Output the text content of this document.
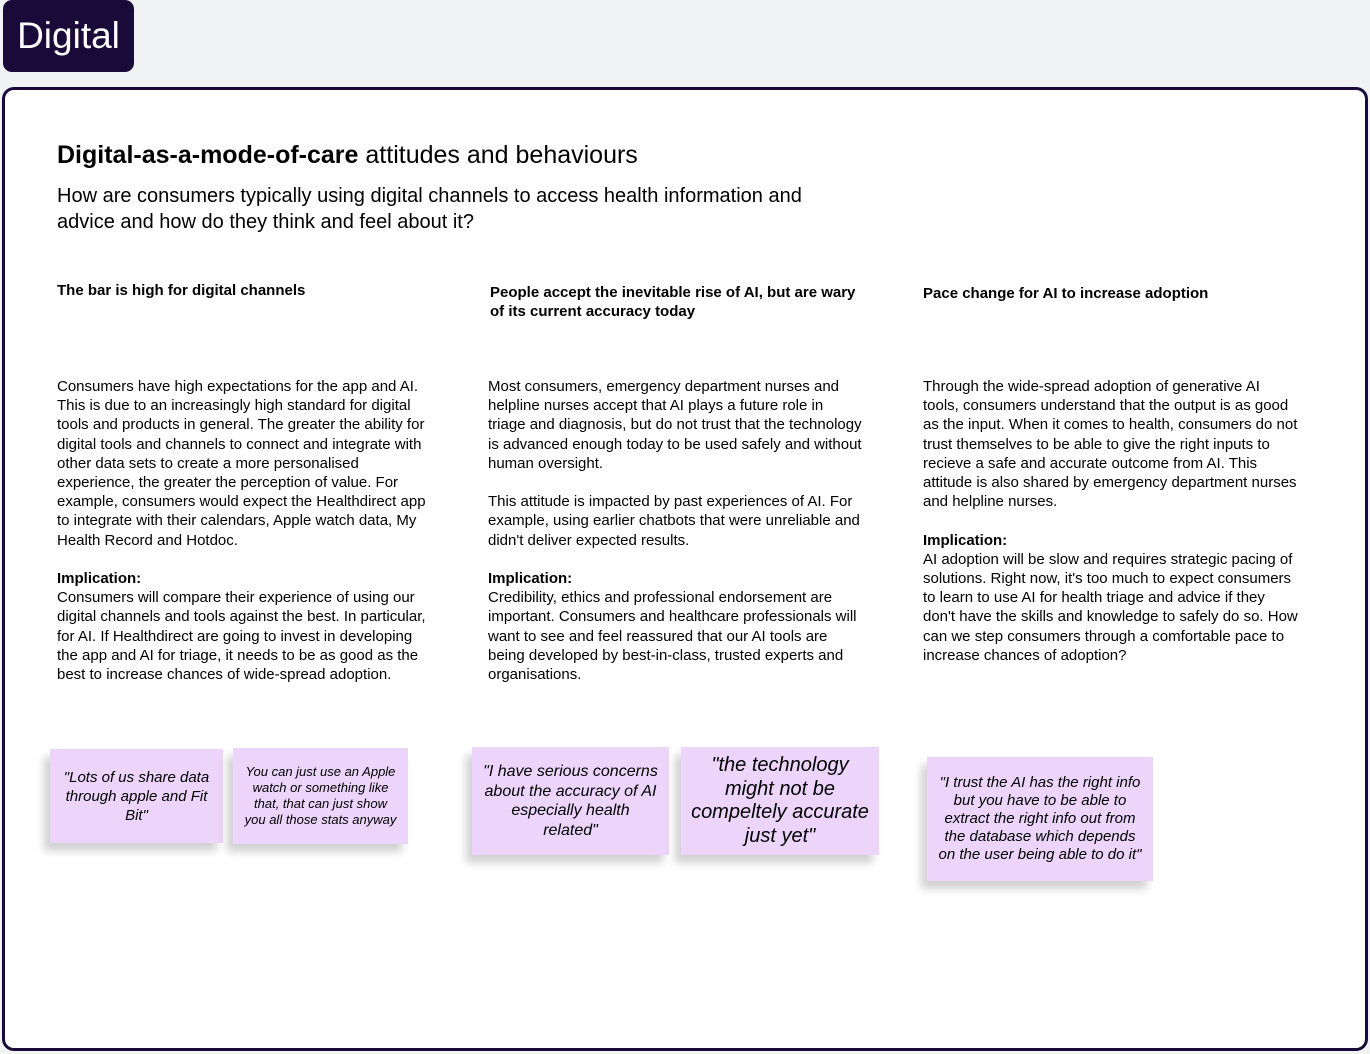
Digital
Digital-as-a-mode-of-care attitudes and behaviours
How are consumers typically using digital channels to access health information and advice and how do they think and feel about it?
The bar is high for digital channels

Consumers have high expectations for the app and AI. This is due to an increasingly high standard for digital tools and products in general. The greater the ability for digital tools and channels to connect and integrate with other data sets to create a more personalised experience, the greater the perception of value. For example, consumers would expect the Healthdirect app to integrate with their calendars, Apple watch data, My Health Record and Hotdoc.

Implication:
Consumers will compare their experience of using our digital channels and tools against the best. In particular, for AI. If Healthdirect are going to invest in developing the app and AI for triage, it needs to be as good as the best to increase chances of wide-spread adoption.

People accept the inevitable rise of AI, but are wary of its current accuracy today

Most consumers, emergency department nurses and helpline nurses accept that AI plays a future role in triage and diagnosis, but do not trust that the technology is advanced enough today to be used safely and without human oversight.

This attitude is impacted by past experiences of AI. For example, using earlier chatbots that were unreliable and didn't deliver expected results.

Implication:
Credibility, ethics and professional endorsement are important. Consumers and healthcare professionals will want to see and feel reassured that our AI tools are being developed by best-in-class, trusted experts and organisations.

Pace change for AI to increase adoption

Through the wide-spread adoption of generative AI tools, consumers understand that the output is as good as the input. When it comes to health, consumers do not trust themselves to be able to give the right inputs to recieve a safe and accurate outcome from AI. This attitude is also shared by emergency department nurses and helpline nurses.

Implication:
AI adoption will be slow and requires strategic pacing of solutions. Right now, it's too much to expect consumers to learn to use AI for health triage and advice if they don't have the skills and knowledge to safely do so. How can we step consumers through a comfortable pace to increase chances of adoption?

"Lots of us share data through apple and Fit Bit"
You can just use an Apple watch or something like that, that can just show you all those stats anyway
"I have serious concerns about the accuracy of AI especially health related"
"the technology might not be compeltely accurate just yet"
"I trust the AI has the right info but you have to be able to extract the right info out from the database which depends on the user being able to do it"
